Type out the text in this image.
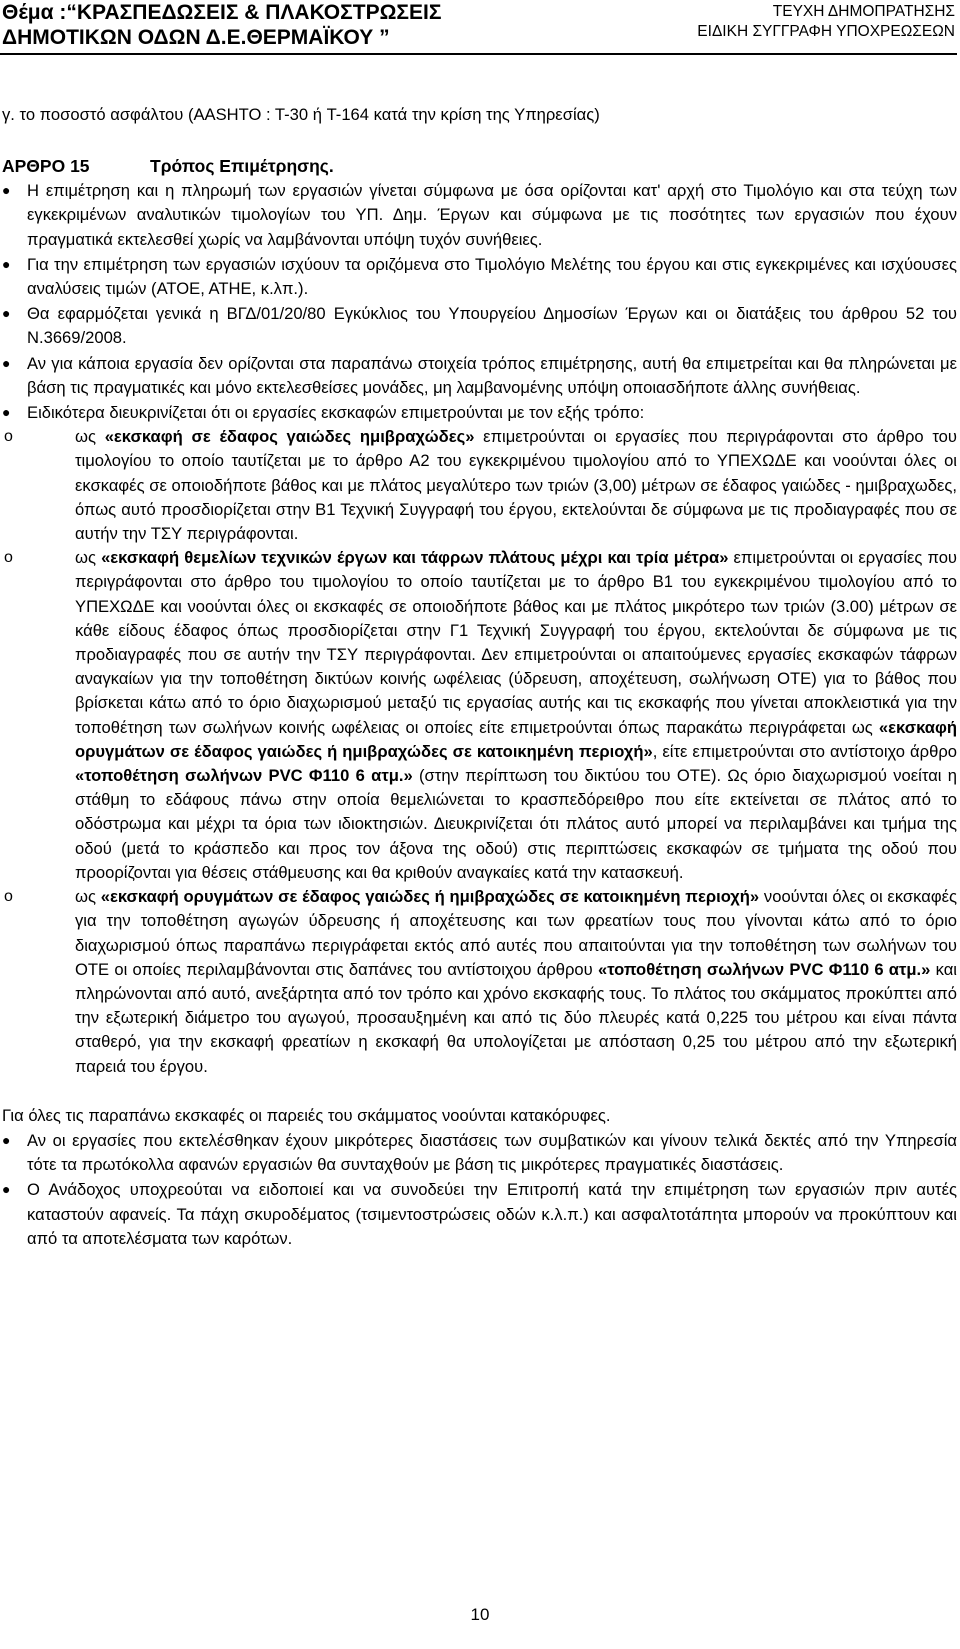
Θέμα :“ΚΡΑΣΠΕΔΩΣΕΙΣ & ΠΛΑΚΟΣΤΡΩΣΕΙΣ
ΔΗΜΟΤΙΚΩΝ ΟΔΩΝ Δ.Ε.ΘΕΡΜΑΪΚΟΥ ”
ΤΕΥΧΗ ΔΗΜΟΠΡΑΤΗΣΗΣ
ΕΙΔΙΚΗ ΣΥΓΓΡΑΦΗ ΥΠΟΧΡΕΩΣΕΩΝ

γ. το ποσοστό ασφάλτου (AASHTO : T-30 ή T-164 κατά την κρίση της Υπηρεσίας)

ΑΡΘΡΟ 15	Τρόπος Επιμέτρησης.

● Η επιμέτρηση και η πληρωμή των εργασιών γίνεται σύμφωνα με όσα ορίζονται κατ' αρχή στο Τιμολόγιο και στα τεύχη των εγκεκριμένων αναλυτικών τιμολογίων του ΥΠ. Δημ. Έργων και σύμφωνα με τις ποσότητες των εργασιών που έχουν πραγματικά εκτελεσθεί χωρίς να λαμβάνονται υπόψη τυχόν συνήθειες.

● Για την επιμέτρηση των εργασιών ισχύουν τα οριζόμενα στο Τιμολόγιο Μελέτης του έργου και στις εγκεκριμένες και ισχύουσες αναλύσεις τιμών (ΑΤΟΕ, ΑΤΗΕ, κ.λπ.).

● Θα εφαρμόζεται γενικά η ΒΓΔ/01/20/80 Εγκύκλιος του Υπουργείου Δημοσίων Έργων και οι διατάξεις του άρθρου 52 του Ν.3669/2008.

● Αν για κάποια εργασία δεν ορίζονται στα παραπάνω στοιχεία τρόπος επιμέτρησης, αυτή θα επιμετρείται και θα πληρώνεται με βάση τις πραγματικές και μόνο εκτελεσθείσες μονάδες, μη λαμβανομένης υπόψη οποιασδήποτε άλλης συνήθειας.

● Ειδικότερα διευκρινίζεται ότι οι εργασίες εκσκαφών επιμετρούνται με τον εξής τρόπο:

o	ως «εκσκαφή σε έδαφος γαιώδες ημιβραχώδες» επιμετρούνται οι εργασίες που περιγράφονται στο άρθρο του τιμολογίου το οποίο ταυτίζεται με το άρθρο Α2 του εγκεκριμένου τιμολογίου από το ΥΠΕΧΩΔΕ και νοούνται όλες οι εκσκαφές σε οποιοδήποτε βάθος και με πλάτος μεγαλύτερο των τριών (3,00) μέτρων σε έδαφος γαιώδες - ημιβραχωδες, όπως αυτό προσδιορίζεται στην Β1 Τεχνική Συγγραφή του έργου, εκτελούνται δε σύμφωνα με τις προδιαγραφές που σε αυτήν την ΤΣΥ περιγράφονται.

o	ως «εκσκαφή θεμελίων τεχνικών έργων και τάφρων πλάτους μέχρι και τρία μέτρα» επιμετρούνται οι εργασίες που περιγράφονται στο άρθρο του τιμολογίου το οποίο ταυτίζεται με το άρθρο Β1 του εγκεκριμένου τιμολογίου από το ΥΠΕΧΩΔΕ και νοούνται όλες οι εκσκαφές σε οποιοδήποτε βάθος και με πλάτος μικρότερο των τριών (3.00) μέτρων σε κάθε είδους έδαφος όπως προσδιορίζεται στην Γ1 Τεχνική Συγγραφή του έργου, εκτελούνται δε σύμφωνα με τις προδιαγραφές που σε αυτήν την ΤΣΥ περιγράφονται. Δεν επιμετρούνται οι απαιτούμενες εργασίες εκσκαφών τάφρων αναγκαίων για την τοποθέτηση δικτύων κοινής ωφέλειας (ύδρευση, αποχέτευση, σωλήνωση ΟΤΕ) για το βάθος που βρίσκεται κάτω από το όριο διαχωρισμού μεταξύ τις εργασίας αυτής και τις εκσκαφής που γίνεται αποκλειστικά για την τοποθέτηση των σωλήνων κοινής ωφέλειας οι οποίες είτε επιμετρούνται όπως παρακάτω περιγράφεται ως «εκσκαφή ορυγμάτων σε έδαφος γαιώδες ή ημιβραχώδες σε κατοικημένη περιοχή», είτε επιμετρούνται στο αντίστοιχο άρθρο «τοποθέτηση σωλήνων PVC Φ110 6 ατμ.» (στην περίπτωση του δικτύου του ΟΤΕ). Ως όριο διαχωρισμού νοείται η στάθμη το εδάφους πάνω στην οποία θεμελιώνεται το κρασπεδόρειθρο που είτε εκτείνεται σε πλάτος από το οδόστρωμα και μέχρι τα όρια των ιδιοκτησιών. Διευκρινίζεται ότι πλάτος αυτό μπορεί να περιλαμβάνει και τμήμα της οδού (μετά το κράσπεδο και προς τον άξονα της οδού) στις περιπτώσεις εκσκαφών σε τμήματα της οδού που προορίζονται για θέσεις στάθμευσης και θα κριθούν αναγκαίες κατά την κατασκευή.

o	ως «εκσκαφή ορυγμάτων σε έδαφος γαιώδες ή ημιβραχώδες σε κατοικημένη περιοχή» νοούνται όλες οι εκσκαφές για την τοποθέτηση αγωγών ύδρευσης ή αποχέτευσης και των φρεατίων τους που γίνονται κάτω από το όριο διαχωρισμού όπως παραπάνω περιγράφεται εκτός από αυτές που απαιτούνται για την τοποθέτηση των σωλήνων του ΟΤΕ οι οποίες περιλαμβάνονται στις δαπάνες του αντίστοιχου άρθρου «τοποθέτηση σωλήνων PVC Φ110 6 ατμ.» και πληρώνονται από αυτό, ανεξάρτητα από τον τρόπο και χρόνο εκσκαφής τους. Το πλάτος του σκάμματος προκύπτει από την εξωτερική διάμετρο του αγωγού, προσαυξημένη και από τις δύο πλευρές κατά 0,225 του μέτρου και είναι πάντα σταθερό, για την εκσκαφή φρεατίων η εκσκαφή θα υπολογίζεται με απόσταση 0,25 του μέτρου από την εξωτερική παρειά του έργου.

Για όλες τις παραπάνω εκσκαφές οι παρειές του σκάμματος νοούνται κατακόρυφες.

● Αν οι εργασίες που εκτελέσθηκαν έχουν μικρότερες διαστάσεις των συμβατικών και γίνουν τελικά δεκτές από την Υπηρεσία τότε τα πρωτόκολλα αφανών εργασιών θα συνταχθούν με βάση τις μικρότερες πραγματικές διαστάσεις.

● Ο Ανάδοχος υποχρεούται να ειδοποιεί και να συνοδεύει την Επιτροπή κατά την επιμέτρηση των εργασιών πριν αυτές καταστούν αφανείς. Τα πάχη σκυροδέματος (τσιμεντοστρώσεις οδών κ.λ.π.) και ασφαλτοτάπητα μπορούν να προκύπτουν και από τα αποτελέσματα των καρότων.

10
